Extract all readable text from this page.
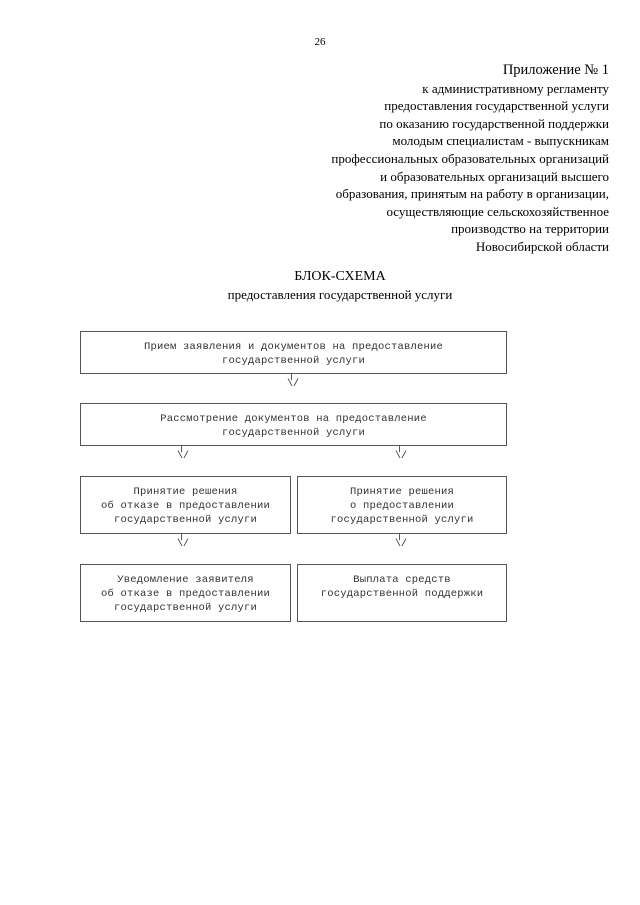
26
Приложение № 1
к административному регламенту
предоставления государственной услуги
по оказанию государственной поддержки
молодым специалистам - выпускникам
профессиональных образовательных организаций
и образовательных организаций высшего
образования, принятым на работу в организации,
осуществляющие сельскохозяйственное
производство на территории
Новосибирской области
БЛОК-СХЕМА
предоставления государственной услуги
Прием заявления и документов на предоставление
государственной услуги
\/
Рассмотрение документов на предоставление
государственной услуги
\/	\/
Принятие решения
об отказе в предоставлении
государственной услуги
Принятие решения
о предоставлении
государственной услуги
\/	\/
Уведомление заявителя
об отказе в предоставлении
государственной услуги
Выплата средств
государственной поддержки
